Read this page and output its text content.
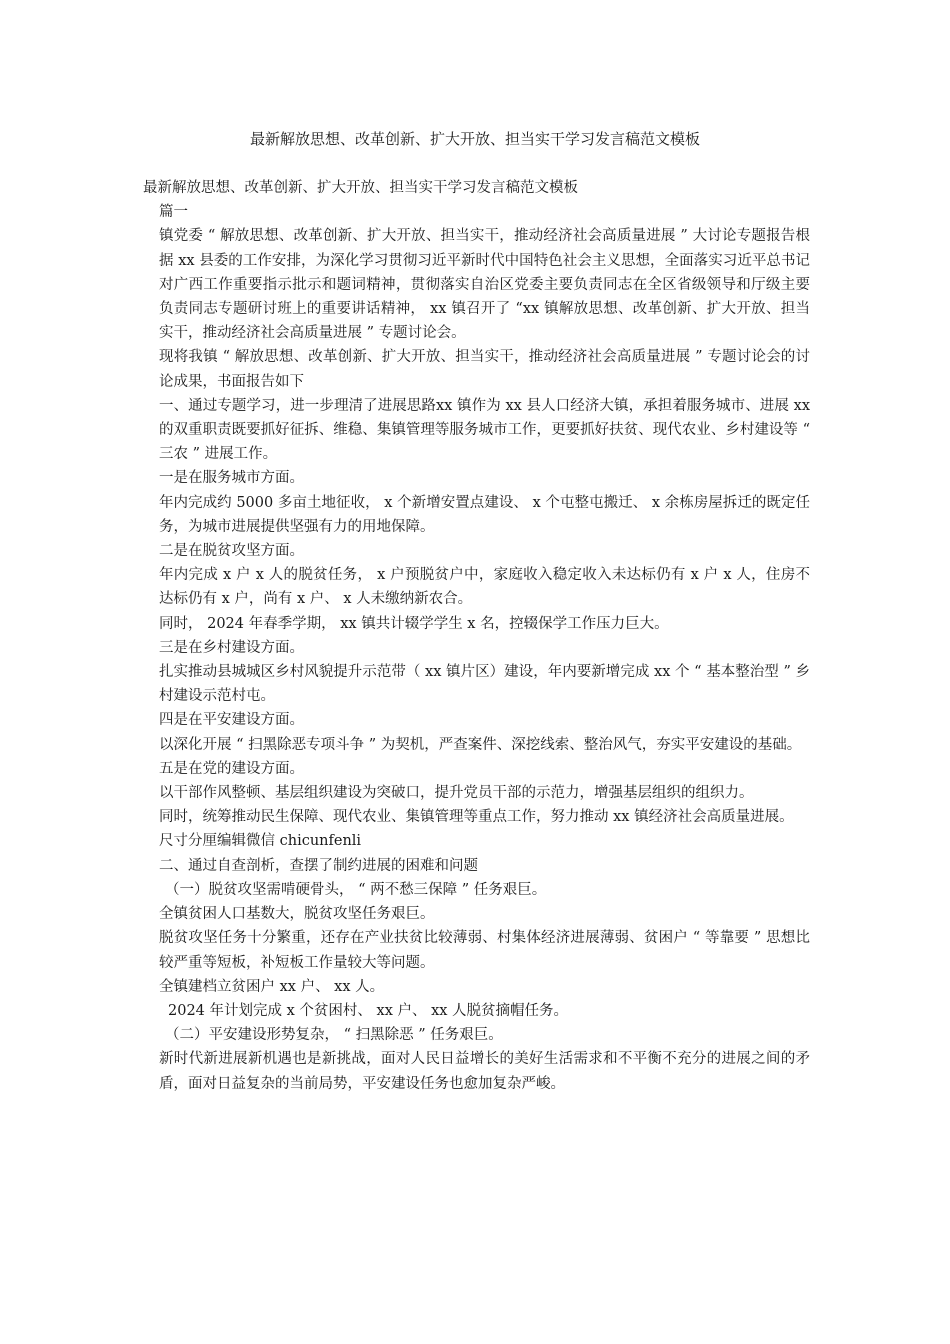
最新解放思想、改革创新、扩大开放、担当实干学习发言稿范文模板

最新解放思想、改革创新、扩大开放、担当实干学习发言稿范文模板

篇一

镇党委 “ 解放思想、改革创新、扩大开放、担当实干，推动经济社会高质量进展 ” 大讨论专题报告根据 xx 县委的工作安排，为深化学习贯彻习近平新时代中国特色社会主义思想，全面落实习近平总书记对广西工作重要指示批示和题词精神，贯彻落实自治区党委主要负责同志在全区省级领导和厅级主要负责同志专题研讨班上的重要讲话精神， xx 镇召开了 “xx 镇解放思想、改革创新、扩大开放、担当实干，推动经济社会高质量进展 ” 专题讨论会。

现将我镇 “ 解放思想、改革创新、扩大开放、担当实干，推动经济社会高质量进展 ” 专题讨论会的讨论成果，书面报告如下

一、通过专题学习，进一步理清了进展思路xx 镇作为 xx 县人口经济大镇，承担着服务城市、进展 xx 的双重职责既要抓好征拆、维稳、集镇管理等服务城市工作，更要抓好扶贫、现代农业、乡村建设等 “ 三农 ” 进展工作。

一是在服务城市方面。

年内完成约 5000 多亩土地征收， x 个新增安置点建设、 x 个屯整屯搬迁、 x 余栋房屋拆迁的既定任务，为城市进展提供坚强有力的用地保障。

二是在脱贫攻坚方面。

年内完成 x 户 x 人的脱贫任务， x 户预脱贫户中，家庭收入稳定收入未达标仍有 x 户 x 人，住房不达标仍有 x 户，尚有 x 户、 x 人未缴纳新农合。

同时， 2024 年春季学期， xx 镇共计辍学学生 x 名，控辍保学工作压力巨大。

三是在乡村建设方面。

扎实推动县城城区乡村风貌提升示范带（ xx 镇片区）建设，年内要新增完成 xx 个 “ 基本整治型 ” 乡村建设示范村屯。

四是在平安建设方面。

以深化开展 “ 扫黑除恶专项斗争 ” 为契机，严查案件、深挖线索、整治风气，夯实平安建设的基础。

五是在党的建设方面。

以干部作风整顿、基层组织建设为突破口，提升党员干部的示范力，增强基层组织的组织力。

同时，统筹推动民生保障、现代农业、集镇管理等重点工作，努力推动 xx 镇经济社会高质量进展。

尺寸分厘编辑微信 chicunfenli

二、通过自查剖析，查摆了制约进展的困难和问题

（一）脱贫攻坚需啃硬骨头， “ 两不愁三保障 ” 任务艰巨。

全镇贫困人口基数大，脱贫攻坚任务艰巨。

脱贫攻坚任务十分繁重，还存在产业扶贫比较薄弱、村集体经济进展薄弱、贫困户 “ 等靠要 ” 思想比较严重等短板，补短板工作量较大等问题。

全镇建档立贫困户 xx 户、 xx 人。

2024 年计划完成 x 个贫困村、 xx 户、 xx 人脱贫摘帽任务。

（二）平安建设形势复杂， “ 扫黑除恶 ” 任务艰巨。

新时代新进展新机遇也是新挑战，面对人民日益增长的美好生活需求和不平衡不充分的进展之间的矛盾，面对日益复杂的当前局势，平安建设任务也愈加复杂严峻。
